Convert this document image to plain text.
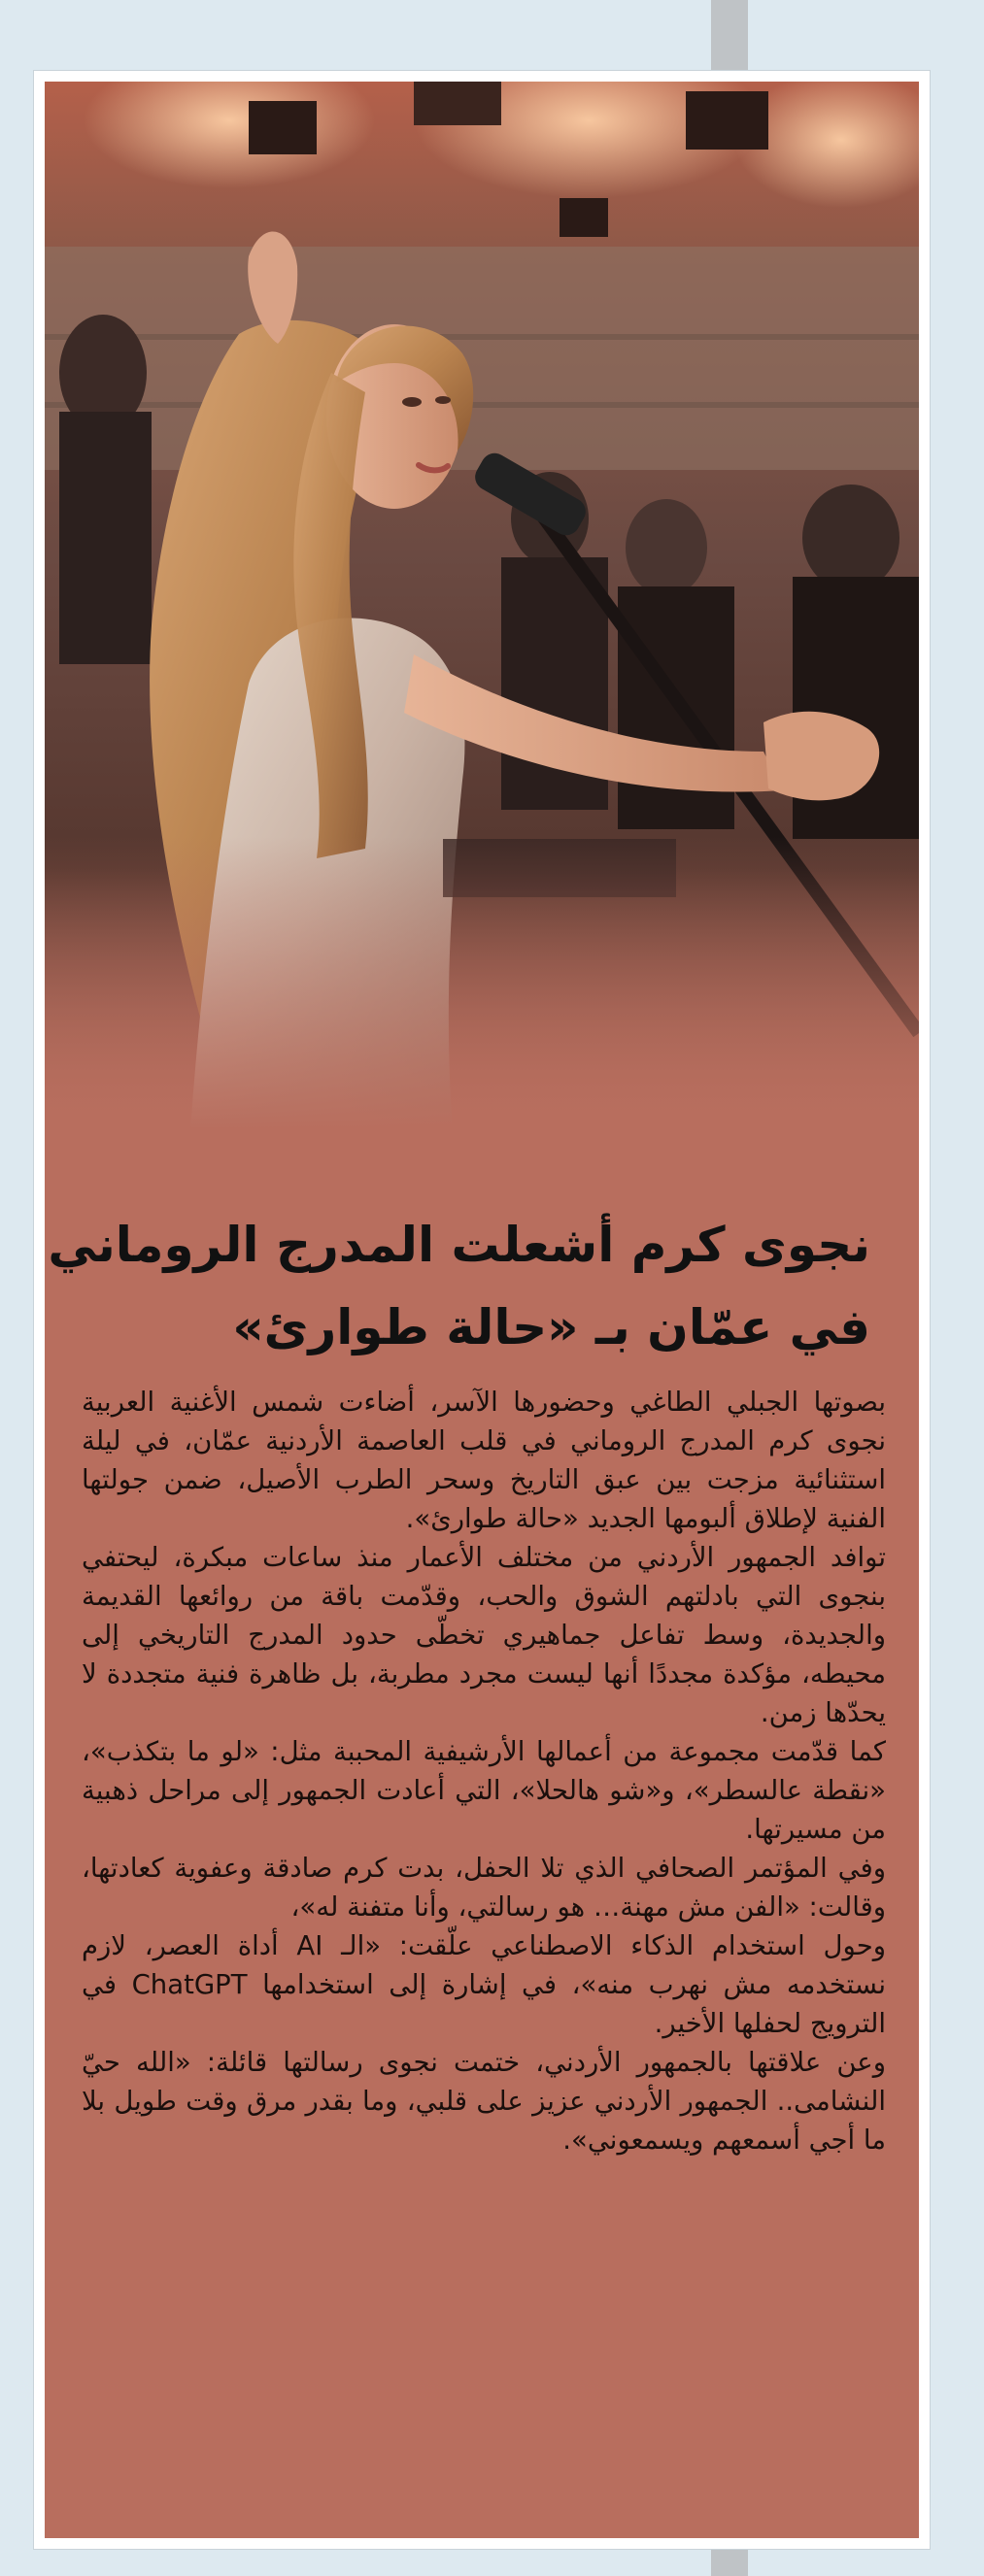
نجوى كرم أشعلت المدرج الروماني
في عمّان بـ «حالة طوارئ»

بصوتها الجبلي الطاغي وحضورها الآسر، أضاءت شمس الأغنية العربية نجوى كرم المدرج الروماني في قلب العاصمة الأردنية عمّان، في ليلة استثنائية مزجت بين عبق التاريخ وسحر الطرب الأصيل، ضمن جولتها الفنية لإطلاق ألبومها الجديد «حالة طوارئ».

توافد الجمهور الأردني من مختلف الأعمار منذ ساعات مبكرة، ليحتفي بنجوى التي بادلتهم الشوق والحب، وقدّمت باقة من روائعها القديمة والجديدة، وسط تفاعل جماهيري تخطّى حدود المدرج التاريخي إلى محيطه، مؤكدة مجددًا أنها ليست مجرد مطربة، بل ظاهرة فنية متجددة لا يحدّها زمن.

كما قدّمت مجموعة من أعمالها الأرشيفية المحببة مثل: «لو ما بتكذب»، «نقطة عالسطر»، و«شو هالحلا»، التي أعادت الجمهور إلى مراحل ذهبية من مسيرتها.

وفي المؤتمر الصحافي الذي تلا الحفل، بدت كرم صادقة وعفوية كعادتها، وقالت: «الفن مش مهنة… هو رسالتي، وأنا متفنة له»،

وحول استخدام الذكاء الاصطناعي علّقت: «الـ AI أداة العصر، لازم نستخدمه مش نهرب منه»، في إشارة إلى استخدامها ChatGPT في الترويج لحفلها الأخير.

وعن علاقتها بالجمهور الأردني، ختمت نجوى رسالتها قائلة: «الله حيّ النشامى.. الجمهور الأردني عزيز على قلبي، وما بقدر مرق وقت طويل بلا ما أجي أسمعهم ويسمعوني».
